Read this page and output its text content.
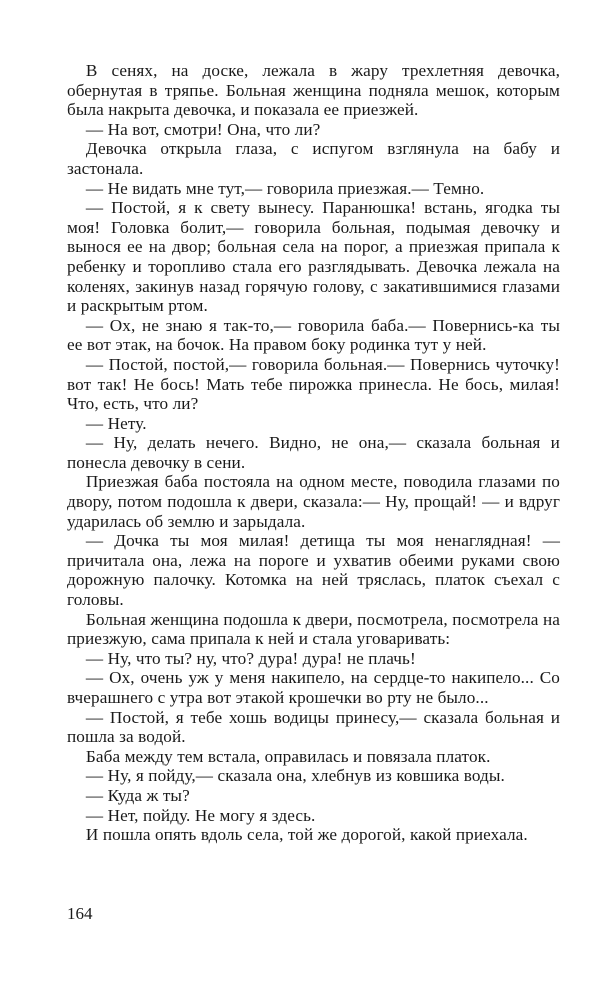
В сенях, на доске, лежала в жару трехлетняя девочка, обернутая в тряпье. Больная женщина подняла мешок, которым была накрыта девочка, и показала ее приезжей.

— На вот, смотри! Она, что ли?

Девочка открыла глаза, с испугом взглянула на бабу и застонала.

— Не видать мне тут,— говорила приезжая.— Темно.

— Постой, я к свету вынесу. Паранюшка! встань, ягодка ты моя! Головка болит,— говорила больная, подымая девочку и вынося ее на двор; больная села на порог, а приезжая припала к ребенку и торопливо стала его разглядывать. Девочка лежала на коленях, закинув назад горячую голову, с закатившимися глазами и раскрытым ртом.

— Ох, не знаю я так-то,— говорила баба.— Повернись-ка ты ее вот этак, на бочок. На правом боку родинка тут у ней.

— Постой, постой,— говорила больная.— Повернись чуточку! вот так! Не бось! Мать тебе пирожка принесла. Не бось, милая! Что, есть, что ли?

— Нету.

— Ну, делать нечего. Видно, не она,— сказала больная и понесла девочку в сени.

Приезжая баба постояла на одном месте, поводила глазами по двору, потом подошла к двери, сказала:— Ну, прощай! — и вдруг ударилась об землю и зарыдала.

— Дочка ты моя милая! детища ты моя ненаглядная! — причитала она, лежа на пороге и ухватив обеими руками свою дорожную палочку. Котомка на ней тряслась, платок съехал с головы.

Больная женщина подошла к двери, посмотрела, посмотрела на приезжую, сама припала к ней и стала уговаривать:

— Ну, что ты? ну, что? дура! дура! не плачь!

— Ох, очень уж у меня накипело, на сердце-то накипело... Со вчерашнего с утра вот этакой крошечки во рту не было...

— Постой, я тебе хошь водицы принесу,— сказала больная и пошла за водой.

Баба между тем встала, оправилась и повязала платок.

— Ну, я пойду,— сказала она, хлебнув из ковшика воды.

— Куда ж ты?

— Нет, пойду. Не могу я здесь.

И пошла опять вдоль села, той же дорогой, какой приехала.

164
